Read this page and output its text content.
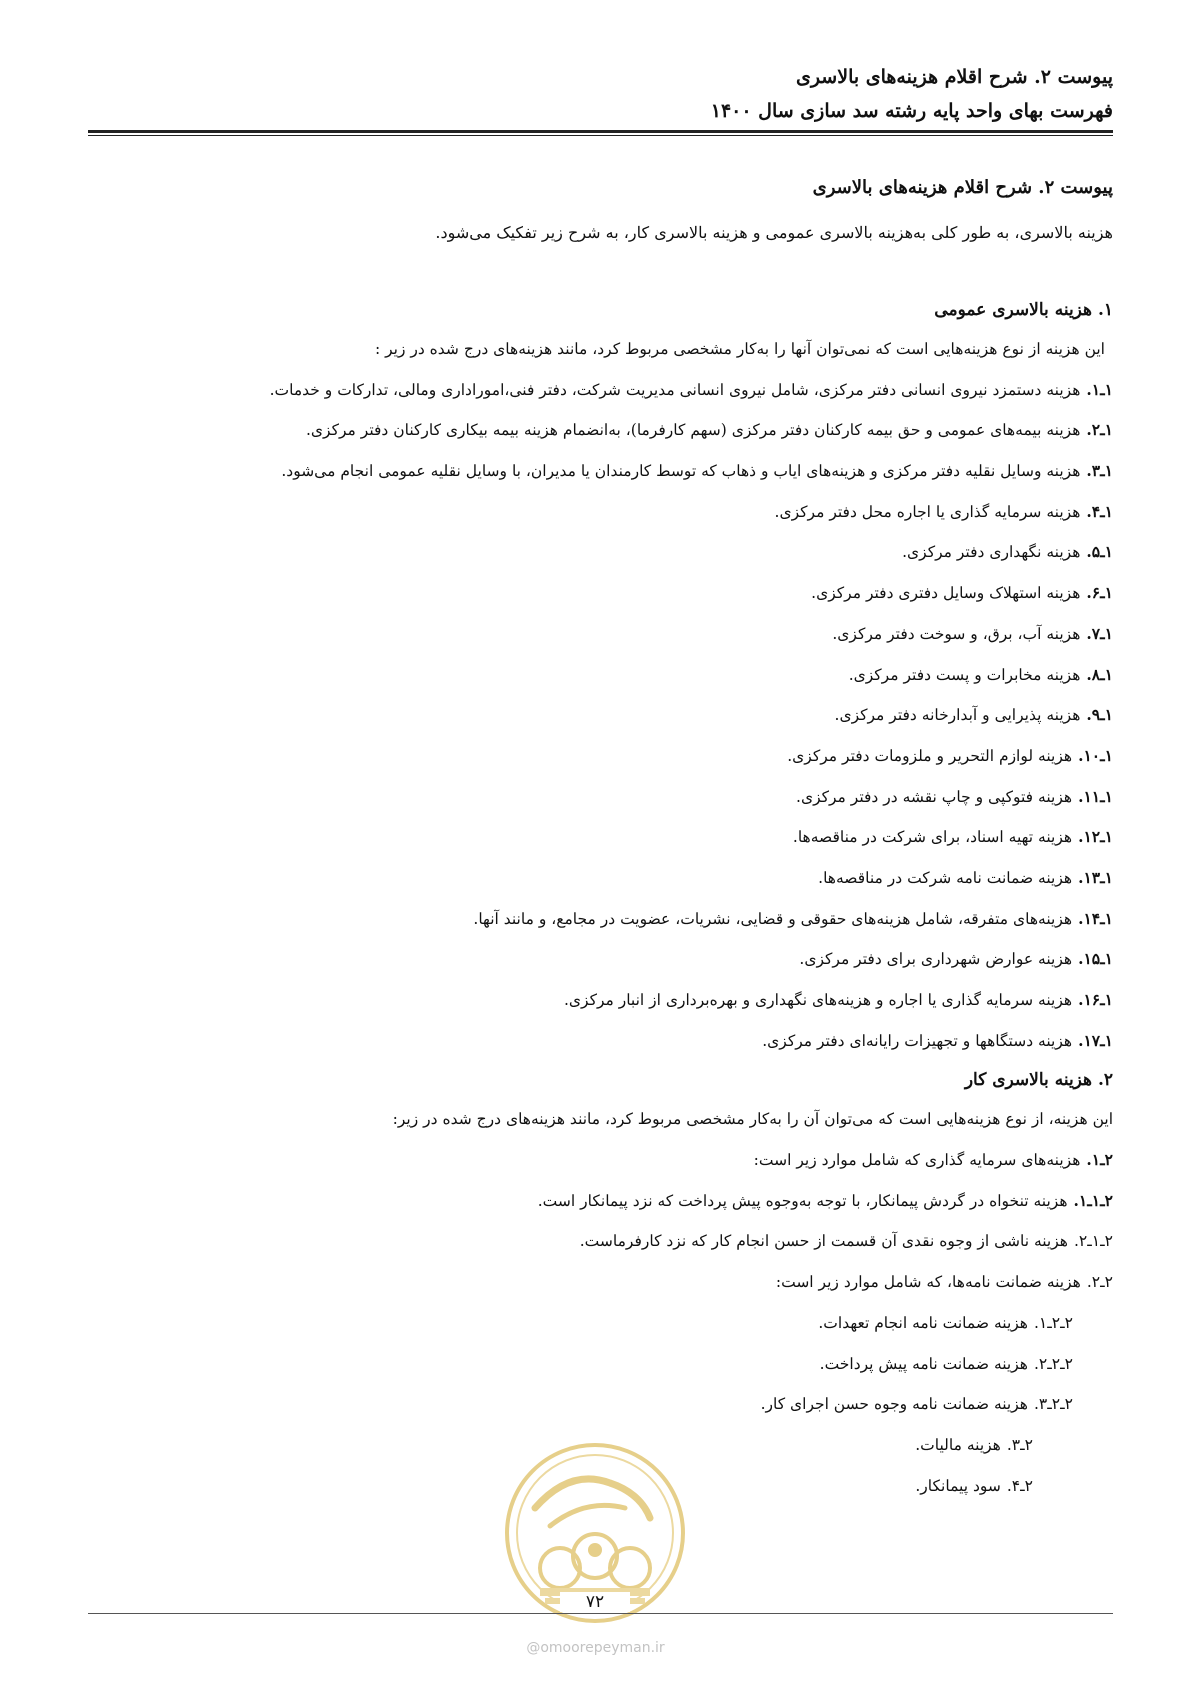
پیوست ۲. شرح اقلام هزینه‌های بالاسری
فهرست بهای واحد پایه رشته سد سازی سال ۱۴۰۰
پیوست ۲. شرح اقلام هزینه‌های بالاسری
هزینه بالاسری، به طور کلی به‌هزینه بالاسری عمومی و هزینه بالاسری کار، به شرح زیر تفکیک می‌شود.
۱. هزینه بالاسری عمومی
این هزینه از نوع هزینه‌هایی است که نمی‌توان آنها را به‌کار مشخصی مربوط کرد، مانند هزینه‌های درج شده در زیر :
۱ـ۱.هزینه دستمزد نیروی انسانی دفتر مرکزی، شامل نیروی انسانی مدیریت شرکت، دفتر فنی،اموراداری ومالی، تدارکات و خدمات.
۱ـ۲.هزینه بیمه‌های عمومی و حق بیمه کارکنان دفتر مرکزی (سهم کارفرما)، به‌انضمام هزینه بیمه بیکاری کارکنان دفتر مرکزی.
۱ـ۳.هزینه وسایل نقلیه دفتر مرکزی و هزینه‌های ایاب و ذهاب که توسط کارمندان یا مدیران، با وسایل نقلیه عمومی انجام می‌شود.
۱ـ۴.هزینه سرمایه گذاری یا اجاره محل دفتر مرکزی.
۱ـ۵.هزینه نگهداری دفتر مرکزی.
۱ـ۶.هزینه استهلاک وسایل دفتری دفتر مرکزی.
۱ـ۷.هزینه آب، برق، و سوخت دفتر مرکزی.
۱ـ۸.هزینه مخابرات و پست دفتر مرکزی.
۱ـ۹.هزینه پذیرایی و آبدارخانه دفتر مرکزی.
۱ـ۱۰.هزینه لوازم التحریر و ملزومات دفتر مرکزی.
۱ـ۱۱.هزینه فتوکپی و چاپ نقشه در دفتر مرکزی.
۱ـ۱۲.هزینه تهیه اسناد، برای شرکت در مناقصه‌ها.
۱ـ۱۳.هزینه ضمانت نامه شرکت در مناقصه‌ها.
۱ـ۱۴.هزینه‌های متفرقه، شامل هزینه‌های حقوقی و قضایی، نشریات، عضویت در مجامع، و مانند آنها.
۱ـ۱۵.هزینه عوارض شهرداری برای دفتر مرکزی.
۱ـ۱۶.هزینه سرمایه گذاری یا اجاره و هزینه‌های نگهداری و بهره‌برداری از انبار مرکزی.
۱ـ۱۷.هزینه دستگاهها و تجهیزات رایانه‌ای دفتر مرکزی.
۲. هزینه بالاسری کار
این هزینه، از نوع هزینه‌هایی است که می‌توان آن را به‌کار مشخصی مربوط کرد، مانند هزینه‌های درج شده در زیر:
۲ـ۱.هزینه‌های سرمایه گذاری که شامل موارد زیر است:
۲ـ۱ـ۱.هزینه تنخواه در گردش پیمانکار، با توجه به‌وجوه پیش پرداخت که نزد پیمانکار است.
۲ـ۱ـ۲.هزینه ناشی از وجوه نقدی آن قسمت از حسن انجام کار که نزد کارفرماست.
۲ـ۲.هزینه ضمانت نامه‌ها، که شامل موارد زیر است:
۲ـ۲ـ۱.هزینه ضمانت نامه انجام تعهدات.
۲ـ۲ـ۲.هزینه ضمانت نامه پیش پرداخت.
۲ـ۲ـ۳.هزینه ضمانت نامه وجوه حسن اجرای کار.
۲ـ۳.هزینه مالیات.
۲ـ۴.سود پیمانکار.
۷۲
@omoorepeyman.ir
